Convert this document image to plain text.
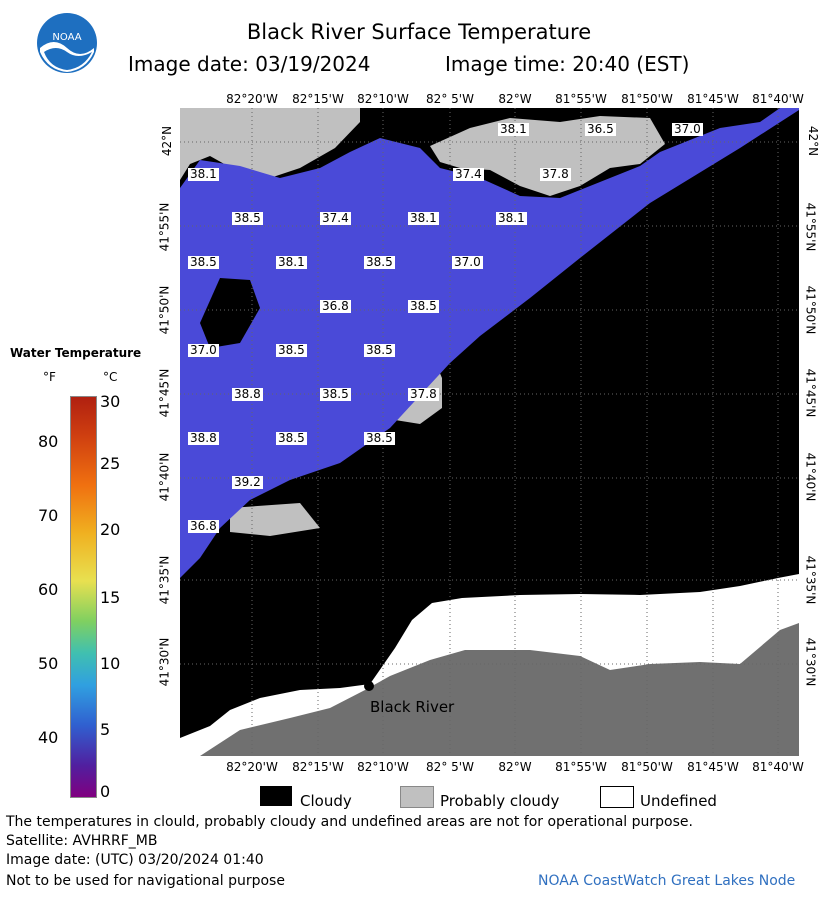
NOAA	Black River Surface Temperature
Image date: 03/19/2024	Image time: 20:40 (EST)
82°20'W	82°15'W	82°10'W	82° 5'W	82°W	81°55'W	81°50'W	81°45'W	81°40'W
82°20'W	82°15'W	82°10'W	82° 5'W	82°W	81°55'W	81°50'W	81°45'W	81°40'W
42°N
41°55'N
41°50'N
41°45'N
41°40'N
41°35'N
41°30'N
42°N
41°55'N
41°50'N
41°45'N
41°40'N
41°35'N
41°30'N
38.1	36.5	37.0
38.1	37.4	37.8
38.5	37.4	38.1	38.1
38.5	38.1	38.5	37.0
36.8	38.5
37.0	38.5	38.5
38.8	38.5	37.8
38.8	38.5	38.5
39.2
36.8
Black River
Water Temperature
°F	°C
80
70
60
50
40
30
25
20
15
10
5
0	Cloudy	Probably cloudy	Undefined
The temperatures in clould, probably cloudy and undefined areas are not for operational purpose.
Satellite: AVHRRF_MB
Image date: (UTC) 03/20/2024 01:40
Not to be used for navigational purpose	NOAA CoastWatch Great Lakes Node
